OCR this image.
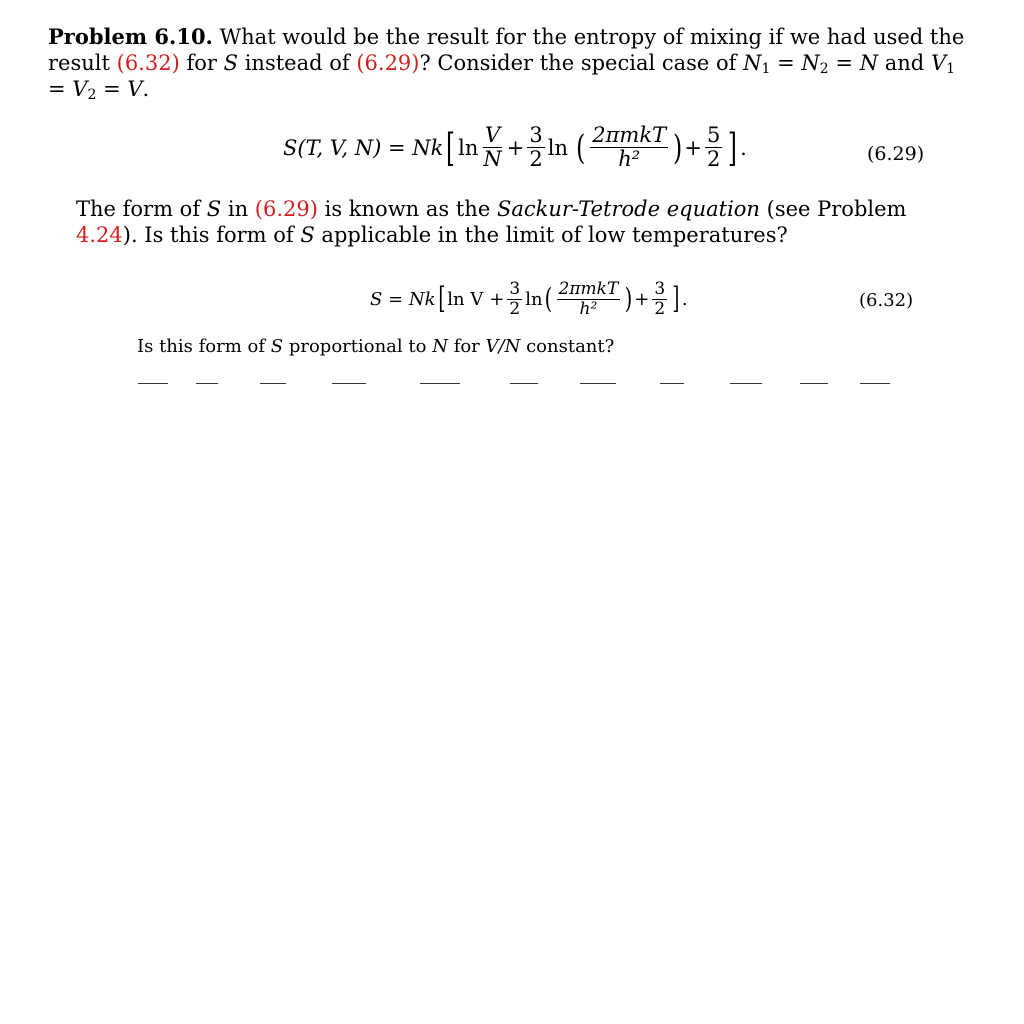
Problem 6.10. What would be the result for the entropy of mixing if we had used the result (6.32) for S instead of (6.29)? Consider the special case of $N_1 = N_2 = N$ and $V_1 = V_2 = V$.
S(T, V, N) = Nk [ $\ln \frac{V}{N} + \frac{3}{2}$ ln ( $\frac{\text{2πmkT}}{\text{h²}}$ ) + $\frac{5}{2}$ ] .	(6.29)
The form of S in (6.29) is known as the Sackur-Tetrode equation (see Problem 4.24). Is this form of S applicable in the limit of low temperatures?
S = Nk [ $\ln V + \frac{3}{2}$ ln ( $\frac{\text{2πmkT}}{\text{h²}}$ ) + $\frac{3}{2}$ ] .	(6.32)
Is this form of S proportional to N for V/N constant?
